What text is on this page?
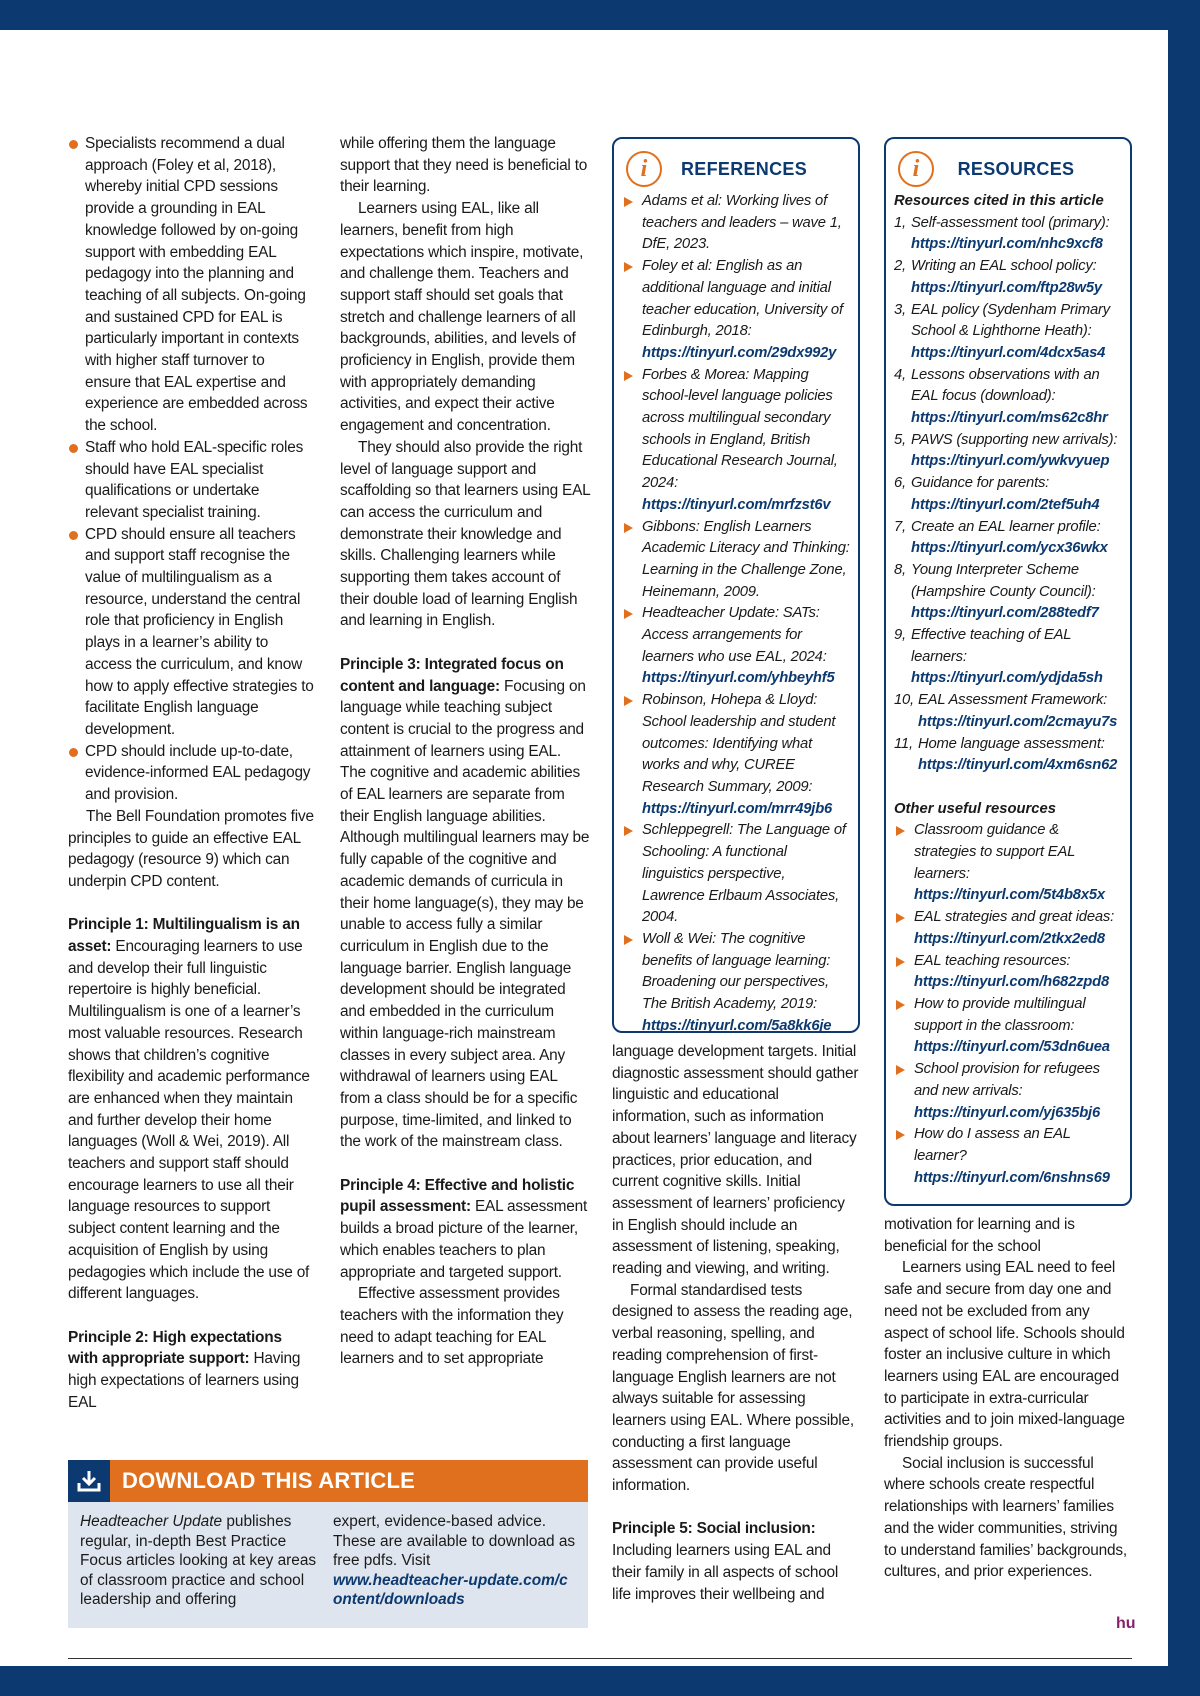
Specialists recommend a dual approach (Foley et al, 2018), whereby initial CPD sessions provide a grounding in EAL knowledge followed by on-going support with embedding EAL pedagogy into the planning and teaching of all subjects. On-going and sustained CPD for EAL is particularly important in contexts with higher staff turnover to ensure that EAL expertise and experience are embedded across the school.
Staff who hold EAL-specific roles should have EAL specialist qualifications or undertake relevant specialist training.
CPD should ensure all teachers and support staff recognise the value of multilingualism as a resource, understand the central role that proficiency in English plays in a learner’s ability to access the curriculum, and know how to apply effective strategies to facilitate English language development.
CPD should include up-to-date, evidence-informed EAL pedagogy and provision.

The Bell Foundation promotes five principles to guide an effective EAL pedagogy (resource 9) which can underpin CPD content.

Principle 1: Multilingualism is an asset: Encouraging learners to use and develop their full linguistic repertoire is highly beneficial. Multilingualism is one of a learner’s most valuable resources. Research shows that children’s cognitive flexibility and academic performance are enhanced when they maintain and further develop their home languages (Woll & Wei, 2019). All teachers and support staff should encourage learners to use all their language resources to support subject content learning and the acquisition of English by using pedagogies which include the use of different languages.

Principle 2: High expectations with appropriate support: Having high expectations of learners using EAL

while offering them the language support that they need is beneficial to their learning.

Learners using EAL, like all learners, benefit from high expectations which inspire, motivate, and challenge them. Teachers and support staff should set goals that stretch and challenge learners of all backgrounds, abilities, and levels of proficiency in English, provide them with appropriately demanding activities, and expect their active engagement and concentration.

They should also provide the right level of language support and scaffolding so that learners using EAL can access the curriculum and demonstrate their knowledge and skills. Challenging learners while supporting them takes account of their double load of learning English and learning in English.

Principle 3: Integrated focus on content and language: Focusing on language while teaching subject content is crucial to the progress and attainment of learners using EAL. The cognitive and academic abilities of EAL learners are separate from their English language abilities. Although multilingual learners may be fully capable of the cognitive and academic demands of curricula in their home language(s), they may be unable to access fully a similar curriculum in English due to the language barrier. English language development should be integrated and embedded in the curriculum within language-rich mainstream classes in every subject area. Any withdrawal of learners using EAL from a class should be for a specific purpose, time-limited, and linked to the work of the mainstream class.

Principle 4: Effective and holistic pupil assessment: EAL assessment builds a broad picture of the learner, which enables teachers to plan appropriate and targeted support.

Effective assessment provides teachers with the information they need to adapt teaching for EAL learners and to set appropriate

i	REFERENCES
Adams et al: Working lives of teachers and leaders – wave 1, DfE, 2023.
Foley et al: English as an additional language and initial teacher education, University of Edinburgh, 2018: https://tinyurl.com/29dx992y
Forbes & Morea: Mapping school-level language policies across multilingual secondary schools in England, British Educational Research Journal, 2024: https://tinyurl.com/mrfzst6v
Gibbons: English Learners Academic Literacy and Thinking: Learning in the Challenge Zone, Heinemann, 2009.
Headteacher Update: SATs: Access arrangements for learners who use EAL, 2024: https://tinyurl.com/yhbeyhf5
Robinson, Hohepa & Lloyd: School leadership and student outcomes: Identifying what works and why, CUREE Research Summary, 2009: https://tinyurl.com/mrr49jb6
Schleppegrell: The Language of Schooling: A functional linguistics perspective, Lawrence Erlbaum Associates, 2004.
Woll & Wei: The cognitive benefits of language learning: Broadening our perspectives, The British Academy, 2019: https://tinyurl.com/5a8kk6je

language development targets. Initial diagnostic assessment should gather linguistic and educational information, such as information about learners’ language and literacy practices, prior education, and current cognitive skills. Initial assessment of learners’ proficiency in English should include an assessment of listening, speaking, reading and viewing, and writing.

Formal standardised tests designed to assess the reading age, verbal reasoning, spelling, and reading comprehension of first-language English learners are not always suitable for assessing learners using EAL. Where possible, conducting a first language assessment can provide useful information.

Principle 5: Social inclusion:
Including learners using EAL and their family in all aspects of school life improves their wellbeing and

i	RESOURCES
Resources cited in this article
1, Self-assessment tool (primary):
https://tinyurl.com/nhc9xcf8
2, Writing an EAL school policy:
https://tinyurl.com/ftp28w5y
3, EAL policy (Sydenham Primary School & Lighthorne Heath):
https://tinyurl.com/4dcx5as4
4, Lessons observations with an EAL focus (download):
https://tinyurl.com/ms62c8hr
5, PAWS (supporting new arrivals):
https://tinyurl.com/ywkvyuep
6, Guidance for parents:
https://tinyurl.com/2tef5uh4
7, Create an EAL learner profile:
https://tinyurl.com/ycx36wkx
8, Young Interpreter Scheme (Hampshire County Council):
https://tinyurl.com/288tedf7
9, Effective teaching of EAL learners:
https://tinyurl.com/ydjda5sh
10, EAL Assessment Framework: https://tinyurl.com/2cmayu7s
11, Home language assessment: https://tinyurl.com/4xm6sn62
Other useful resources
Classroom guidance & strategies to support EAL learners:
https://tinyurl.com/5t4b8x5x
EAL strategies and great ideas:
https://tinyurl.com/2tkx2ed8
EAL teaching resources:
https://tinyurl.com/h682zpd8
How to provide multilingual support in the classroom:
https://tinyurl.com/53dn6uea
School provision for refugees and new arrivals:
https://tinyurl.com/yj635bj6
How do I assess an EAL learner?
https://tinyurl.com/6nshns69

motivation for learning and is beneficial for the school

Learners using EAL need to feel safe and secure from day one and need not be excluded from any aspect of school life. Schools should foster an inclusive culture in which learners using EAL are encouraged to participate in extra-curricular activities and to join mixed-language friendship groups.

Social inclusion is successful where schools create respectful relationships with learners’ families and the wider communities, striving to understand families’ backgrounds, cultures, and prior experiences.

hu
DOWNLOAD THIS ARTICLE
Headteacher Update publishes regular, in-depth Best Practice Focus articles looking at key areas of classroom practice and school leadership and offering
expert, evidence-based advice. These are available to download as free pdfs. Visit
www.headteacher-update.com/content/downloads
